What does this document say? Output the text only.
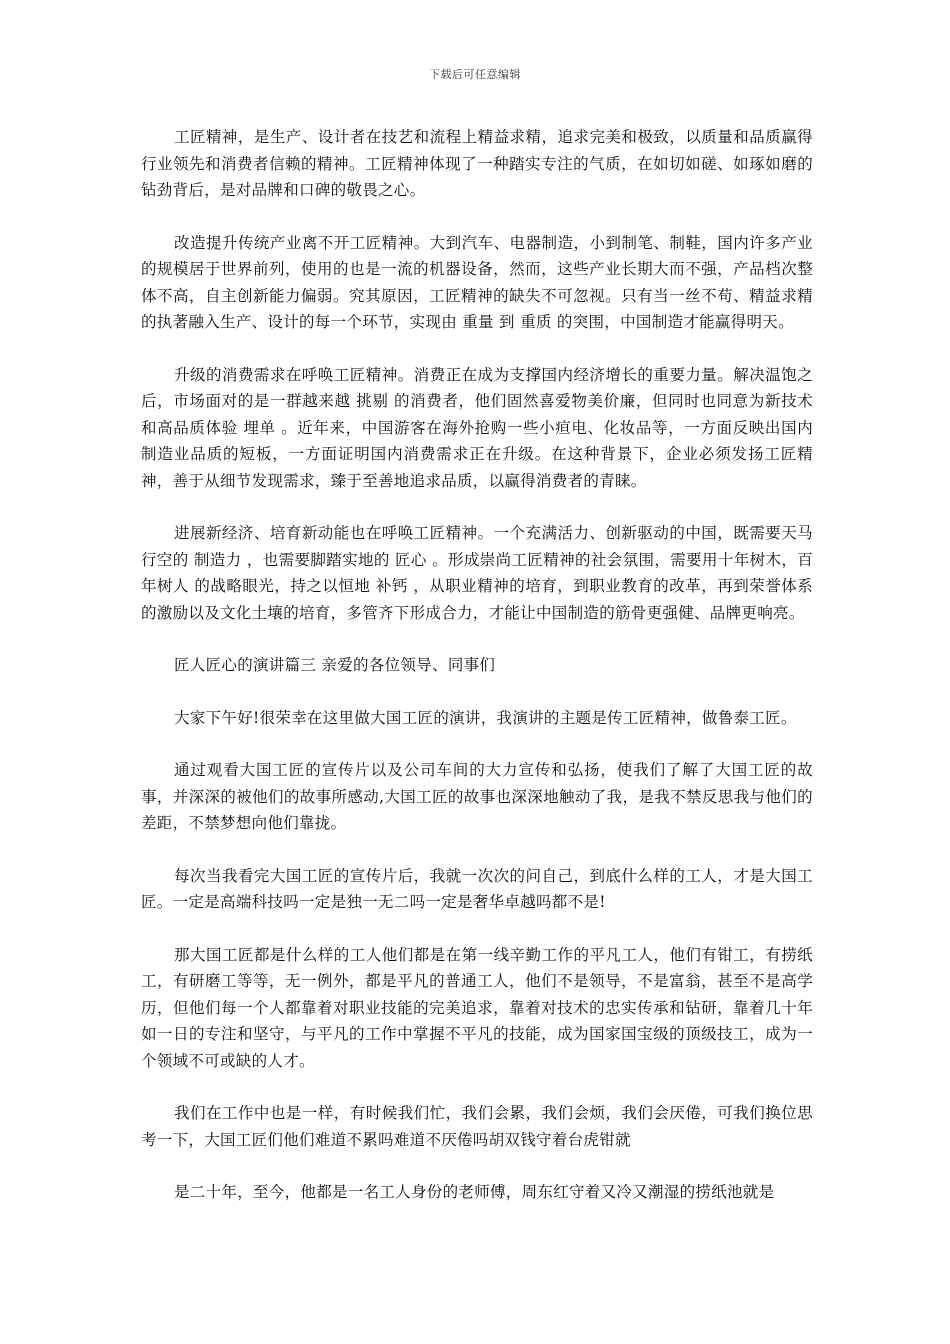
下载后可任意编辑

工匠精神，是生产、设计者在技艺和流程上精益求精，追求完美和极致，以质量和品质赢得行业领先和消费者信赖的精神。工匠精神体现了一种踏实专注的气质，在如切如磋、如琢如磨的钻劲背后，是对品牌和口碑的敬畏之心。

改造提升传统产业离不开工匠精神。大到汽车、电器制造，小到制笔、制鞋，国内许多产业的规模居于世界前列，使用的也是一流的机器设备，然而，这些产业长期大而不强，产品档次整体不高，自主创新能力偏弱。究其原因，工匠精神的缺失不可忽视。只有当一丝不苟、精益求精的执著融入生产、设计的每一个环节，实现由 重量 到 重质 的突围，中国制造才能赢得明天。

升级的消费需求在呼唤工匠精神。消费正在成为支撑国内经济增长的重要力量。解决温饱之后，市场面对的是一群越来越 挑剔 的消费者，他们固然喜爱物美价廉，但同时也同意为新技术和高品质体验 埋单 。近年来，中国游客在海外抢购一些小疸电、化妆品等，一方面反映出国内制造业品质的短板，一方面证明国内消费需求正在升级。在这种背景下，企业必须发扬工匠精神，善于从细节发现需求，臻于至善地追求品质，以赢得消费者的青睐。

进展新经济、培育新动能也在呼唤工匠精神。一个充满活力、创新驱动的中国，既需要天马行空的 制造力 ，也需要脚踏实地的 匠心 。形成崇尚工匠精神的社会氛围，需要用十年树木，百年树人 的战略眼光，持之以恒地 补钙 ，从职业精神的培育，到职业教育的改革，再到荣誉体系的激励以及文化土壤的培育，多管齐下形成合力，才能让中国制造的筋骨更强健、品牌更响亮。

匠人匠心的演讲篇三 亲爱的各位领导、同事们

大家下午好!很荣幸在这里做大国工匠的演讲，我演讲的主题是传工匠精神，做鲁泰工匠。

通过观看大国工匠的宣传片以及公司车间的大力宣传和弘扬，使我们了解了大国工匠的故事，并深深的被他们的故事所感动,大国工匠的故事也深深地触动了我，是我不禁反思我与他们的差距，不禁梦想向他们靠拢。

每次当我看完大国工匠的宣传片后，我就一次次的问自己，到底什么样的工人，才是大国工匠。一定是高端科技吗一定是独一无二吗一定是奢华卓越吗都不是!

那大国工匠都是什么样的工人他们都是在第一线辛勤工作的平凡工人，他们有钳工，有捞纸工，有研磨工等等，无一例外，都是平凡的普通工人，他们不是领导，不是富翁，甚至不是高学历，但他们每一个人都靠着对职业技能的完美追求，靠着对技术的忠实传承和钻研，靠着几十年如一日的专注和坚守，与平凡的工作中掌握不平凡的技能，成为国家国宝级的顶级技工，成为一个领域不可或缺的人才。

我们在工作中也是一样，有时候我们忙，我们会累，我们会烦，我们会厌倦，可我们换位思考一下，大国工匠们他们难道不累吗难道不厌倦吗胡双钱守着台虎钳就

是二十年，至今，他都是一名工人身份的老师傅，周东红守着又冷又潮湿的捞纸池就是
